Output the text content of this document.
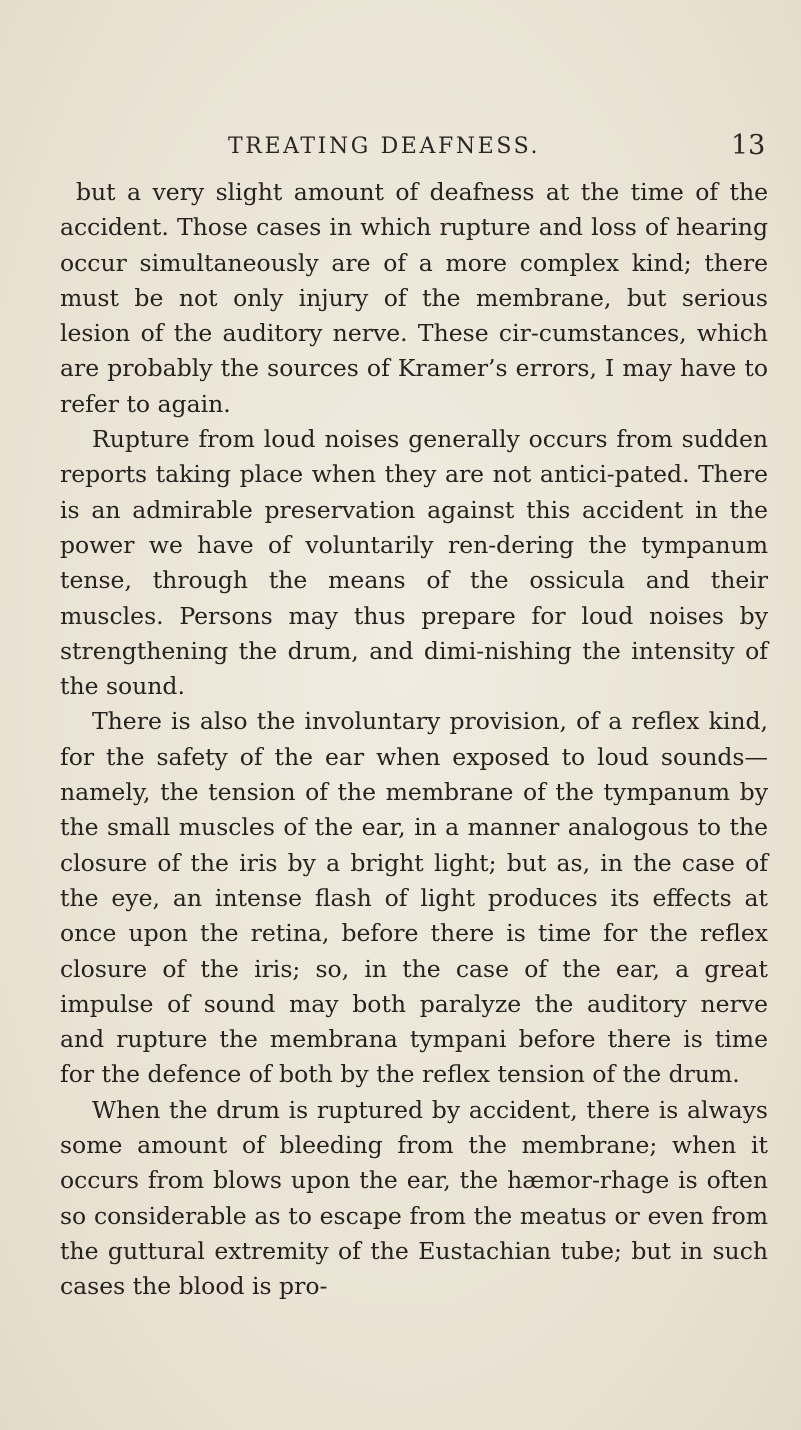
TREATING DEAFNESS.	13

but a very slight amount of deafness at the time of the accident. Those cases in which rupture and loss of hearing occur simultaneously are of a more complex kind; there must be not only injury of the membrane, but serious lesion of the auditory nerve. These cir-cumstances, which are probably the sources of Kramer’s errors, I may have to refer to again.

Rupture from loud noises generally occurs from sudden reports taking place when they are not antici-pated. There is an admirable preservation against this accident in the power we have of voluntarily ren-dering the tympanum tense, through the means of the ossicula and their muscles. Persons may thus prepare for loud noises by strengthening the drum, and dimi-nishing the intensity of the sound.

There is also the involuntary provision, of a reflex kind, for the safety of the ear when exposed to loud sounds—namely, the tension of the membrane of the tympanum by the small muscles of the ear, in a manner analogous to the closure of the iris by a bright light; but as, in the case of the eye, an intense flash of light produces its effects at once upon the retina, before there is time for the reflex closure of the iris; so, in the case of the ear, a great impulse of sound may both paralyze the auditory nerve and rupture the membrana tympani before there is time for the defence of both by the reflex tension of the drum.

When the drum is ruptured by accident, there is always some amount of bleeding from the membrane; when it occurs from blows upon the ear, the hæmor-rhage is often so considerable as to escape from the meatus or even from the guttural extremity of the Eustachian tube; but in such cases the blood is pro-
